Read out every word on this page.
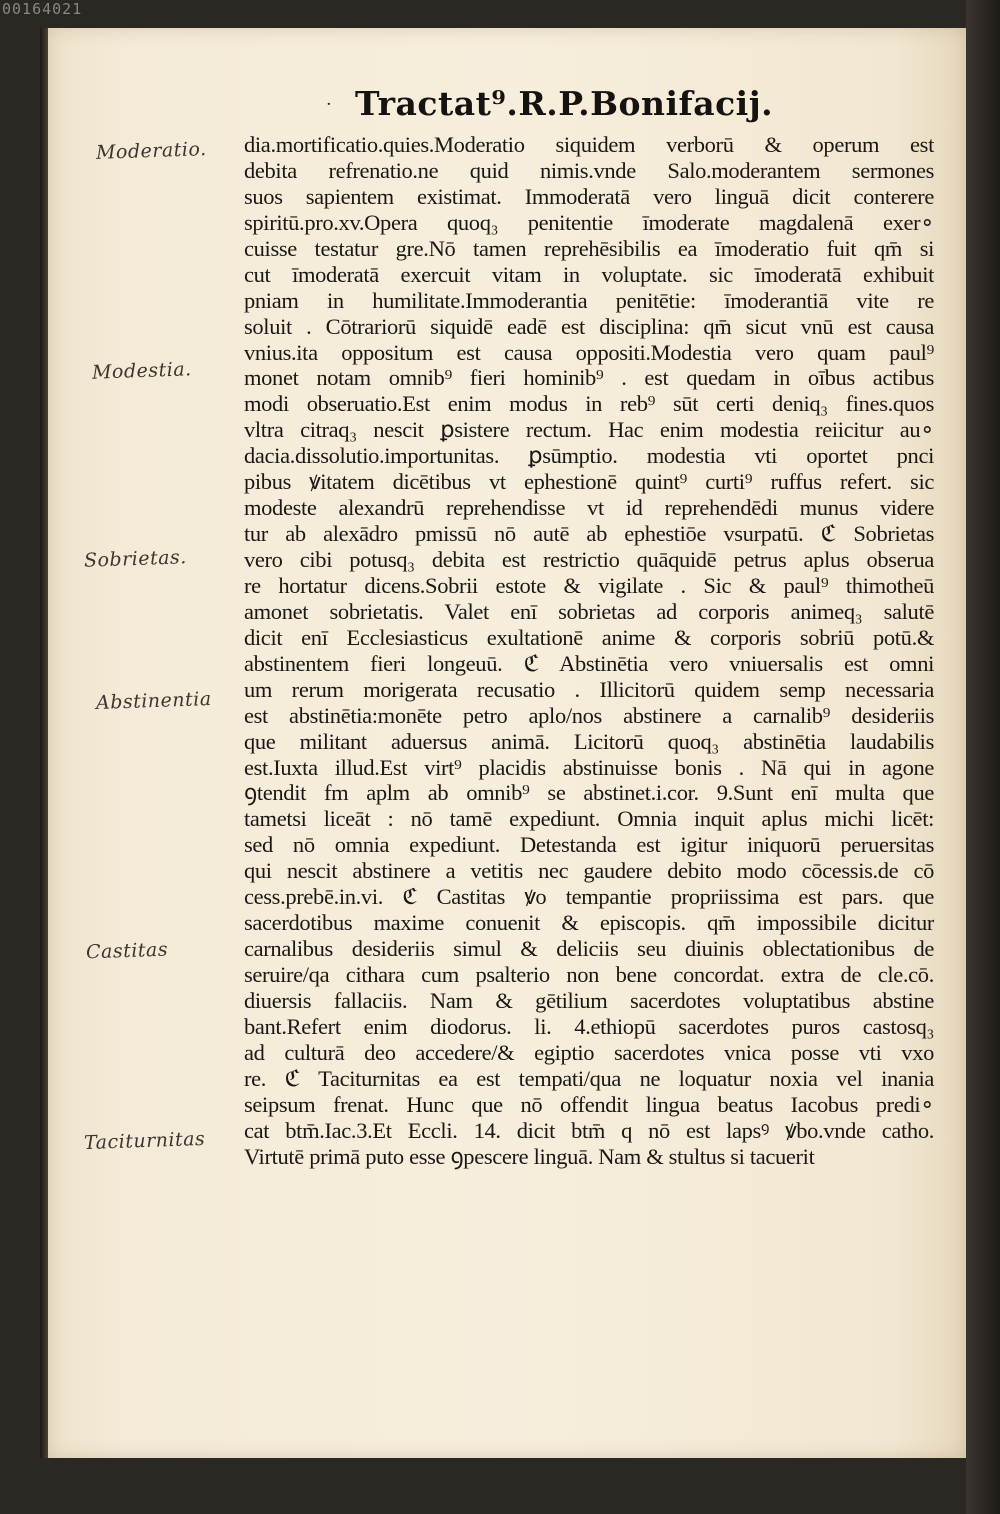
00164021
· Tractat⁹.R.P.Bonifacij.
Moderatio.
Modestia.
Sobrietas.
Abstinentia
Castitas
Taciturnitas
dia.mortificatio.quies.Moderatio siquidem verborū & operum est
debita refrenatio.ne quid nimis.vnde Salo.moderantem sermones
suos sapientem existimat. Immoderatā vero linguā dicit conterere
spiritū.pro.xv.Opera quoq₃ penitentie īmoderate magdalenā exer∘
cuisse testatur gre.Nō tamen reprehēsibilis ea īmoderatio fuit qm̄ si
cut īmoderatā exercuit vitam in voluptate. sic īmoderatā exhibuit
pniam in humilitate.Immoderantia penitētie: īmoderantiā vite re
soluit . Cōtrariorū siquidē eadē est disciplina: qm̄ sicut vnū est causa
vnius.ita oppositum est causa oppositi.Modestia vero quam paul⁹
monet notam omnib⁹ fieri hominib⁹ . est quedam in oībus actibus
modi obseruatio.Est enim modus in reb⁹ sūt certi deniq₃ fines.quos
vltra citraq₃ nescit ꝑsistere rectum. Hac enim modestia reiicitur au∘
dacia.dissolutio.importunitas. ꝑsūmptio. modestia vti oportet pnci
pibus ꝟitatem dicētibus vt ephestionē quint⁹ curti⁹ ruffus refert. sic
modeste alexandrū reprehendisse vt id reprehendēdi munus videre
tur ab alexādro pmissū nō autē ab ephestiōe vsurpatū. ℭ Sobrietas
vero cibi potusq₃ debita est restrictio quāquidē petrus aplus obserua
re hortatur dicens.Sobrii estote & vigilate . Sic & paul⁹ thimotheū
amonet sobrietatis. Valet enī sobrietas ad corporis animeq₃ salutē
dicit enī Ecclesiasticus exultationē anime & corporis sobriū potū.&
abstinentem fieri longeuū. ℭ Abstinētia vero vniuersalis est omni
um rerum morigerata recusatio . Illicitorū quidem semp necessaria
est abstinētia:monēte petro aplo/nos abstinere a carnalib⁹ desideriis
que militant aduersus animā. Licitorū quoq₃ abstinētia laudabilis
est.Iuxta illud.Est virt⁹ placidis abstinuisse bonis . Nā qui in agone
ꝯtendit fm aplm ab omnib⁹ se abstinet.i.cor. 9.Sunt enī multa que
tametsi liceāt : nō tamē expediunt. Omnia inquit aplus michi licēt:
sed nō omnia expediunt. Detestanda est igitur iniquorū peruersitas
qui nescit abstinere a vetitis nec gaudere debito modo cōcessis.de cō
cess.prebē.in.vi. ℭ Castitas ꝟo tempantie propriissima est pars. que
sacerdotibus maxime conuenit & episcopis. qm̄ impossibile dicitur
carnalibus desideriis simul & deliciis seu diuinis oblectationibus de
seruire/qa cithara cum psalterio non bene concordat. extra de cle.cō.
diuersis fallaciis. Nam & gētilium sacerdotes voluptatibus abstine
bant.Refert enim diodorus. li. 4.ethiopū sacerdotes puros castosq₃
ad culturā deo accedere/& egiptio sacerdotes vnica posse vti vxo
re. ℭ Taciturnitas ea est tempati/qua ne loquatur noxia vel inania
seipsum frenat. Hunc que nō offendit lingua beatus Iacobus predi∘
cat btm̄.Iac.3.Et Eccli. 14. dicit btm̄ q nō est lapsꝰ ꝟbo.vnde catho.
Virtutē primā puto esse ꝯpescere linguā. Nam & stultus si tacuerit
